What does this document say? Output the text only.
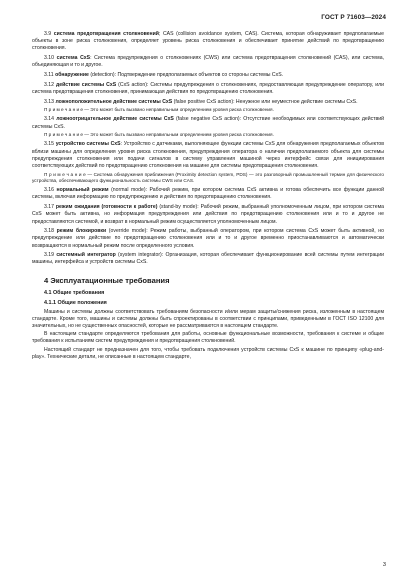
ГОСТ Р 71603—2024

3.9 система предотвращения столкновений; CAS (collision avoidance system, CAS). Система, которая обнаруживает предполагаемые объекты в зоне риска столкновения, определяет уровень риска столкновения и обеспечивает принятие действий по предотвращению столкновения.

3.10 система CxS: Система предупреждения о столкновениях (CWS) или система предотвращения столкновений (CAS), или система, объединяющая и то и другое.

3.11 обнаружение (detection): Подтверждение предполагаемых объектов со стороны системы CxS.

3.12 действие системы CxS (CxS action): Системы предупреждения о столкновениях, предоставляющая предупреждение оператору, или система предотвращения столкновения, принимающая действия по предотвращению столкновения.

3.13 ложноположительное действие системы CxS (false positive CxS action): Ненужное или неуместное действие системы CxS.

П р и м е ч а н и е — Это может быть вызвано неправильным определением уровня риска столкновения.

3.14 ложноотрицательное действие системы CxS (false negative CxS action): Отсутствие необходимых или соответствующих действий системы CxS.

П р и м е ч а н и е — Это может быть вызвано неправильным определением уровня риска столкновения.

3.15 устройство системы CxS: Устройство с датчиками, выполняющее функции системы CxS для обнаружения предполагаемых объектов вблизи машины для определения уровня риска столкновения, предупреждения оператора о наличии предполагаемого объекта для системы предупреждения столкновения или подачи сигналов в систему управления машиной через интерфейс связи для инициирования соответствующих действий по предотвращению столкновения на машине для системы предотвращения столкновения.

П р и м е ч а н и е — Система обнаружения приближения (Proximity detection system, PDS) — это разговорный промышленный термин для физического устройства, обеспечивающего функциональность системы CWS или CAS.

3.16 нормальный режим (normal mode): Рабочий режим, при котором система CxS активна и готова обеспечить все функции данной системы, включая информацию по предупреждению и действия по предотвращению столкновения.

3.17 режим ожидания (готовности к работе) (stand-by mode): Рабочий режим, выбранный уполномоченным лицом, при котором система CxS может быть активна, но информация предупреждения или действия по предотвращению столкновения или и то и другое не предоставляются системой, и возврат в нормальный режим осуществляется уполномоченным лицом.

3.18 режим блокировки (override mode): Режим работы, выбранный оператором, при котором система CxS может быть активной, но предупреждение или действие по предотвращению столкновения или и то и другое временно приостанавливаются и автоматически возвращаются в нормальный режим после определенного условия.

3.19 системный интегратор (system integrator): Организация, которая обеспечивает функционирование всей системы путем интеграции машины, интерфейса и устройств системы CxS.

4 Эксплуатационные требования
4.1 Общие требования
4.1.1 Общие положения

Машины и системы должны соответствовать требованиям безопасности и/или мерам защиты/снижения риска, изложенным в настоящем стандарте. Кроме того, машины и системы должны быть спроектированы в соответствии с принципами, приведенными в ГОСТ ISO 12100 для значительных, но не существенных опасностей, которые не рассматриваются в настоящем стандарте.

В настоящем стандарте определяются требования для работы, основные функциональные возможности, требования к системе и общие требования к испытаниям систем предупреждения и предотвращения столкновений.

Настоящий стандарт не предназначен для того, чтобы требовать подключения устройств системы CxS к машине по принципу «plug-and-play». Технические детали, не описанные в настоящем стандарте,

3
